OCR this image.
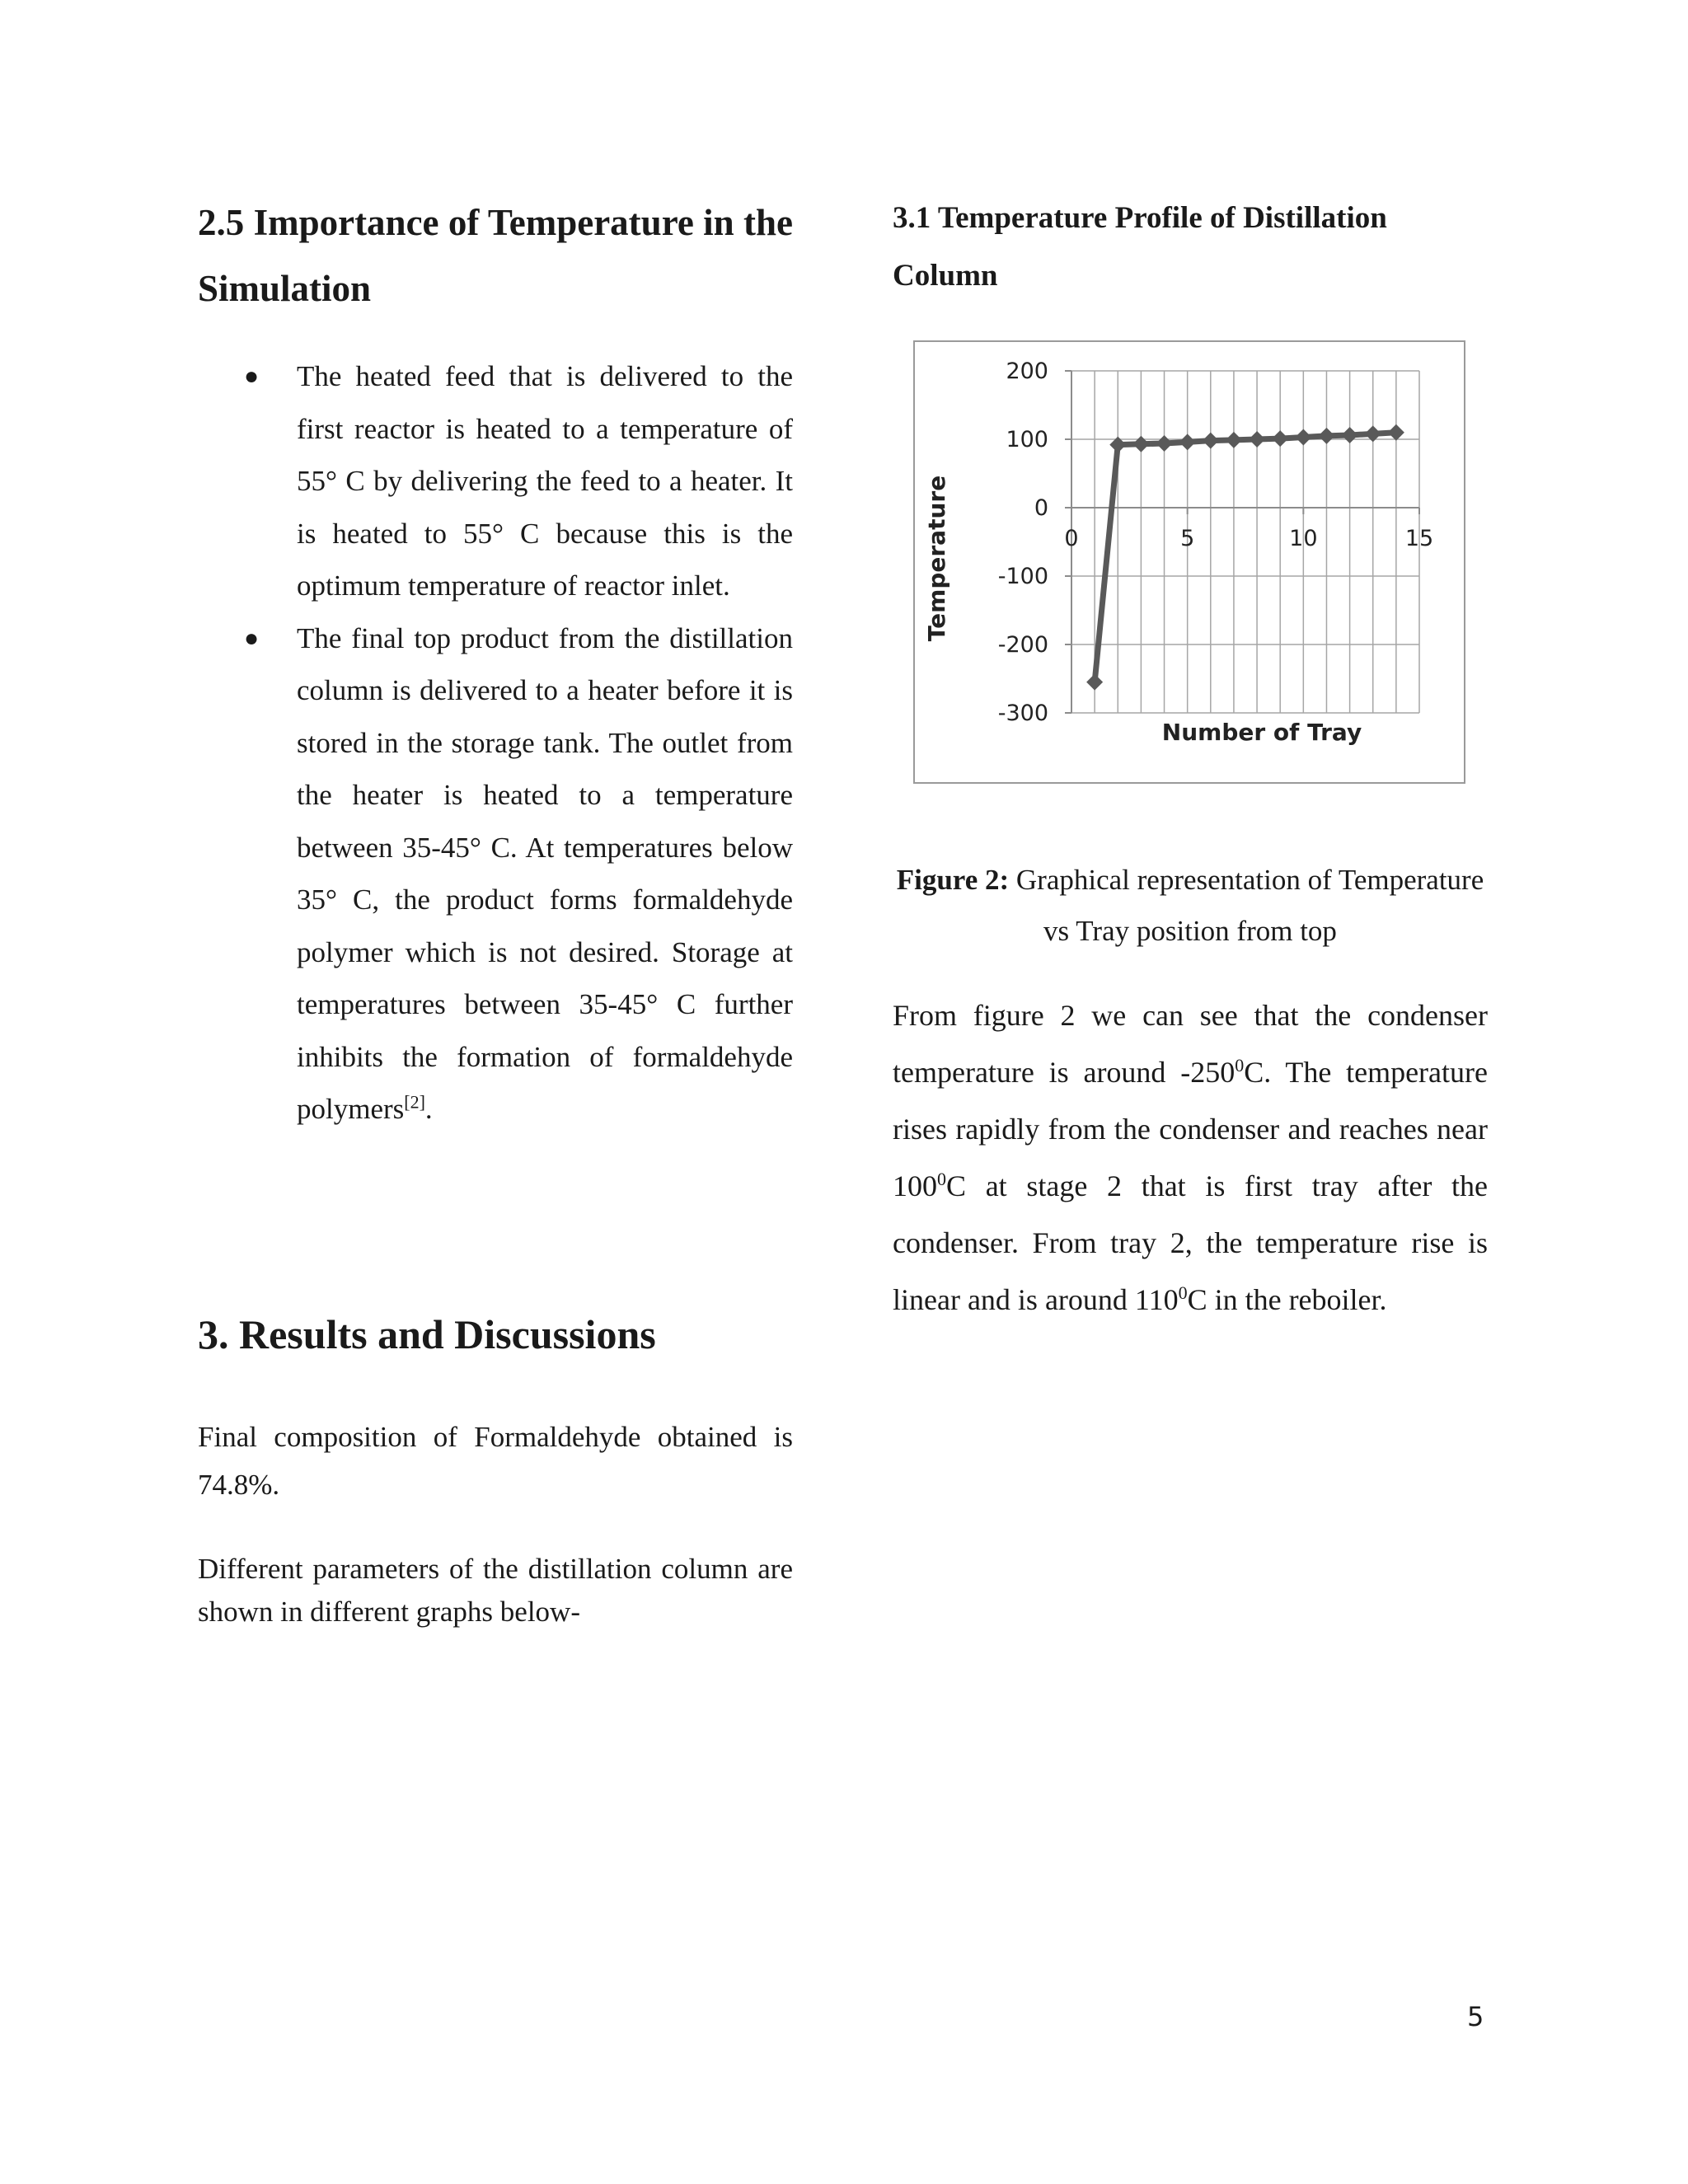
2.5 Importance of Temperature in the Simulation
● The heated feed that is delivered to the first reactor is heated to a temperature of 55° C by delivering the feed to a heater. It is heated to 55° C because this is the optimum temperature of reactor inlet.
● The final top product from the distillation column is delivered to a heater before it is stored in the storage tank. The outlet from the heater is heated to a temperature between 35-45° C. At temperatures below 35° C, the product forms formaldehyde polymer which is not desired. Storage at temperatures between 35-45° C further inhibits the formation of formaldehyde polymers[2].
3. Results and Discussions

Final composition of Formaldehyde obtained is 74.8%.

Different parameters of the distillation column are shown in different graphs below-

3.1 Temperature Profile of Distillation Column
200
100
0
-100
-200
-300
0	5	10	15
Number of Tray
Temperature
Figure 2: Graphical representation of Temperature vs Tray position from top

From figure 2 we can see that the condenser temperature is around $-250^0C$. The temperature rises rapidly from the condenser and reaches near $100^0C$ at stage 2 that is first tray after the condenser. From tray 2, the temperature rise is linear and is around $110^0C$ in the reboiler.

5
